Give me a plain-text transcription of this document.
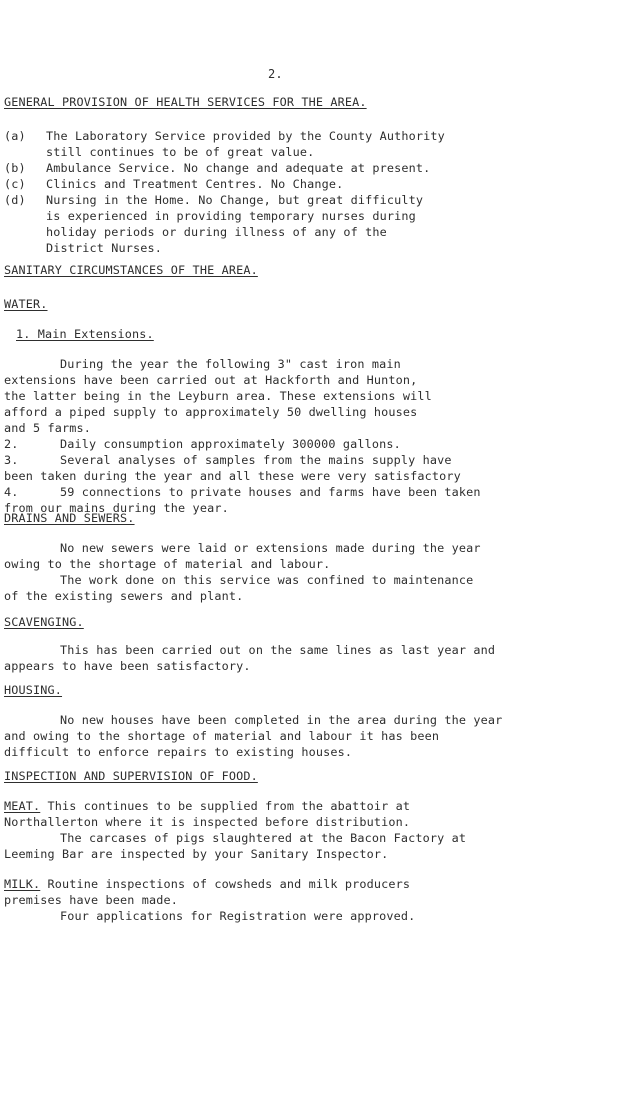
2.
GENERAL PROVISION OF HEALTH SERVICES FOR THE AREA.
(a) The Laboratory Service provided by the County Authority
still continues to be of great value.
(b) Ambulance Service. No change and adequate at present.
(c) Clinics and Treatment Centres. No Change.
(d) Nursing in the Home. No Change, but great difficulty
is experienced in providing temporary nurses during
holiday periods or during illness of any of the
District Nurses.
SANITARY CIRCUMSTANCES OF THE AREA.
WATER.
1. Main Extensions.
During the year the following 3" cast iron main
extensions have been carried out at Hackforth and Hunton,
the latter being in the Leyburn area. These extensions will
afford a piped supply to approximately 50 dwelling houses
and 5 farms.
2.	Daily consumption approximately 300000 gallons.
3.	Several analyses of samples from the mains supply have
been taken during the year and all these were very satisfactory
4.	59 connections to private houses and farms have been taken
from our mains during the year.
DRAINS AND SEWERS.
No new sewers were laid or extensions made during the year
owing to the shortage of material and labour.
The work done on this service was confined to maintenance
of the existing sewers and plant.
SCAVENGING.
This has been carried out on the same lines as last year and
appears to have been satisfactory.
HOUSING.
No new houses have been completed in the area during the year
and owing to the shortage of material and labour it has been
difficult to enforce repairs to existing houses.
INSPECTION AND SUPERVISION OF FOOD.
MEAT. This continues to be supplied from the abattoir at
Northallerton where it is inspected before distribution.
The carcases of pigs slaughtered at the Bacon Factory at
Leeming Bar are inspected by your Sanitary Inspector.
MILK. Routine inspections of cowsheds and milk producers
premises have been made.
Four applications for Registration were approved.
